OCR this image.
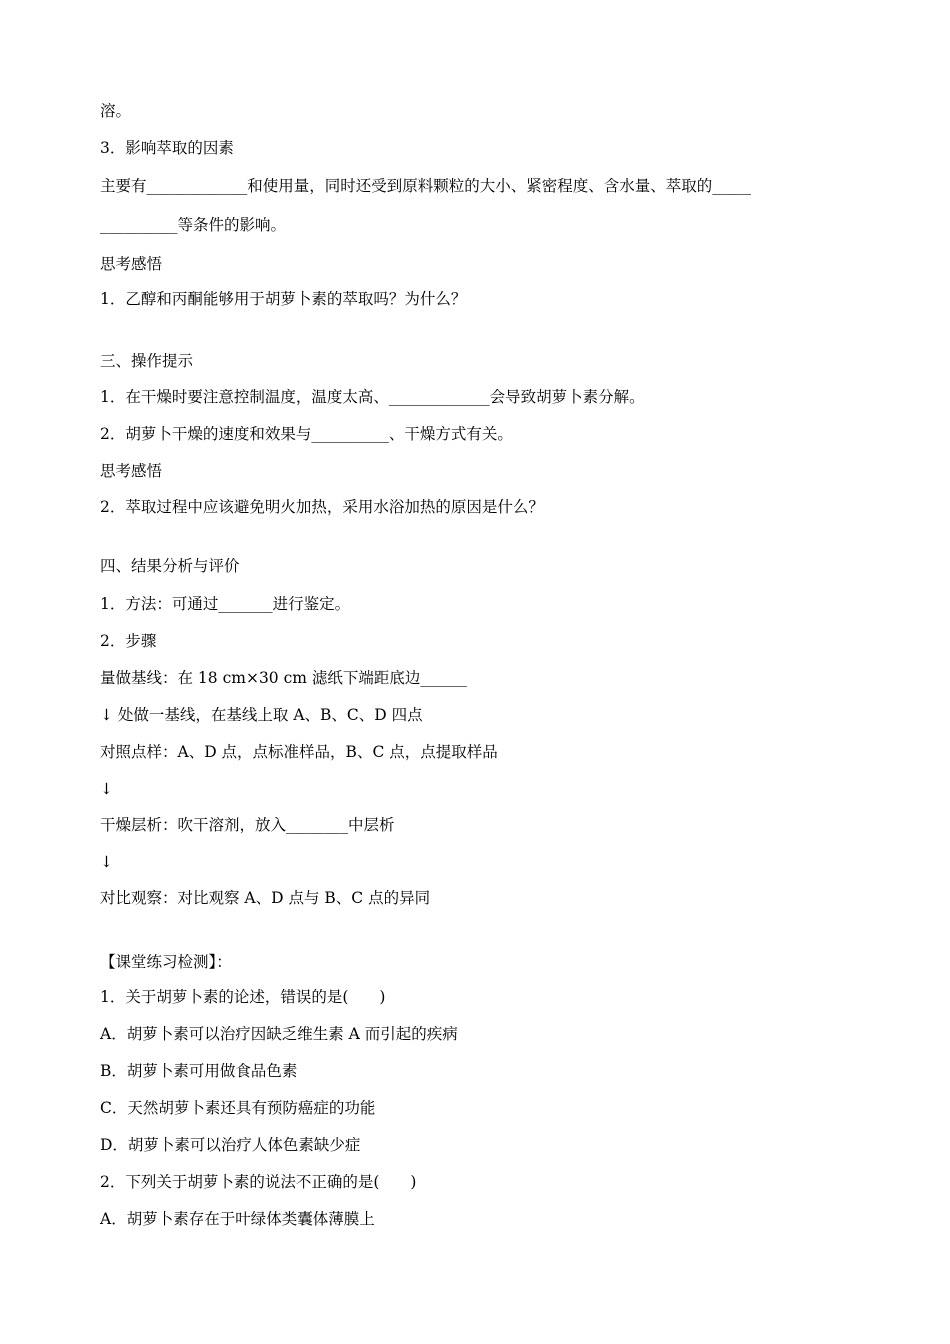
溶。
3．影响萃取的因素
主要有_____________和使用量，同时还受到原料颗粒的大小、紧密程度、含水量、萃取的_____
__________等条件的影响。
思考感悟
1．乙醇和丙酮能够用于胡萝卜素的萃取吗？为什么？
三、操作提示
1．在干燥时要注意控制温度，温度太高、_____________会导致胡萝卜素分解。
2．胡萝卜干燥的速度和效果与__________、干燥方式有关。
思考感悟
2．萃取过程中应该避免明火加热，采用水浴加热的原因是什么？
四、结果分析与评价
1．方法：可通过_______进行鉴定。
2．步骤
量做基线：在 18 cm×30 cm 滤纸下端距底边______
↓ 处做一基线，在基线上取 A、B、C、D 四点
对照点样：A、D 点，点标准样品，B、C 点，点提取样品
↓
干燥层析：吹干溶剂，放入________中层析
↓
对比观察：对比观察 A、D 点与 B、C 点的异同
【课堂练习检测】：
1．关于胡萝卜素的论述，错误的是(　　)
A．胡萝卜素可以治疗因缺乏维生素 A 而引起的疾病
B．胡萝卜素可用做食品色素
C．天然胡萝卜素还具有预防癌症的功能
D．胡萝卜素可以治疗人体色素缺少症
2．下列关于胡萝卜素的说法不正确的是(　　)
A．胡萝卜素存在于叶绿体类囊体薄膜上
